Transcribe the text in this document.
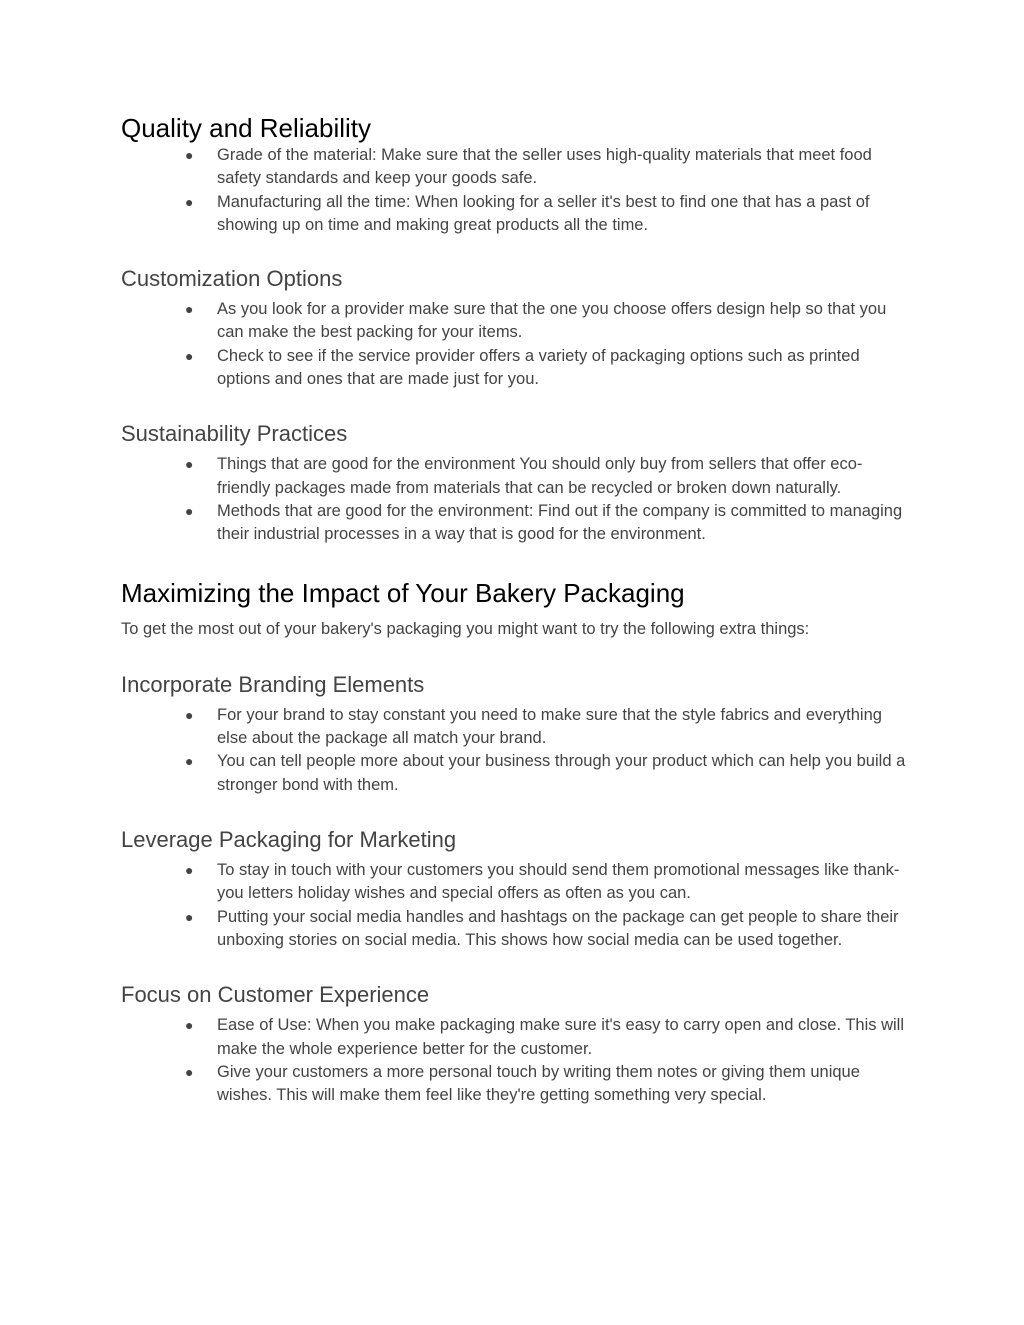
Quality and Reliability
● Grade of the material: Make sure that the seller uses high-quality materials that meet food safety standards and keep your goods safe.
● Manufacturing all the time: When looking for a seller it's best to find one that has a past of showing up on time and making great products all the time.
Customization Options
● As you look for a provider make sure that the one you choose offers design help so that you can make the best packing for your items.
● Check to see if the service provider offers a variety of packaging options such as printed options and ones that are made just for you.
Sustainability Practices
● Things that are good for the environment You should only buy from sellers that offer eco-friendly packages made from materials that can be recycled or broken down naturally.
● Methods that are good for the environment: Find out if the company is committed to managing their industrial processes in a way that is good for the environment.
Maximizing the Impact of Your Bakery Packaging

To get the most out of your bakery's packaging you might want to try the following extra things:

Incorporate Branding Elements
● For your brand to stay constant you need to make sure that the style fabrics and everything else about the package all match your brand.
● You can tell people more about your business through your product which can help you build a stronger bond with them.
Leverage Packaging for Marketing
● To stay in touch with your customers you should send them promotional messages like thank-you letters holiday wishes and special offers as often as you can.
● Putting your social media handles and hashtags on the package can get people to share their unboxing stories on social media. This shows how social media can be used together.
Focus on Customer Experience
● Ease of Use: When you make packaging make sure it's easy to carry open and close. This will make the whole experience better for the customer.
● Give your customers a more personal touch by writing them notes or giving them unique wishes. This will make them feel like they're getting something very special.
